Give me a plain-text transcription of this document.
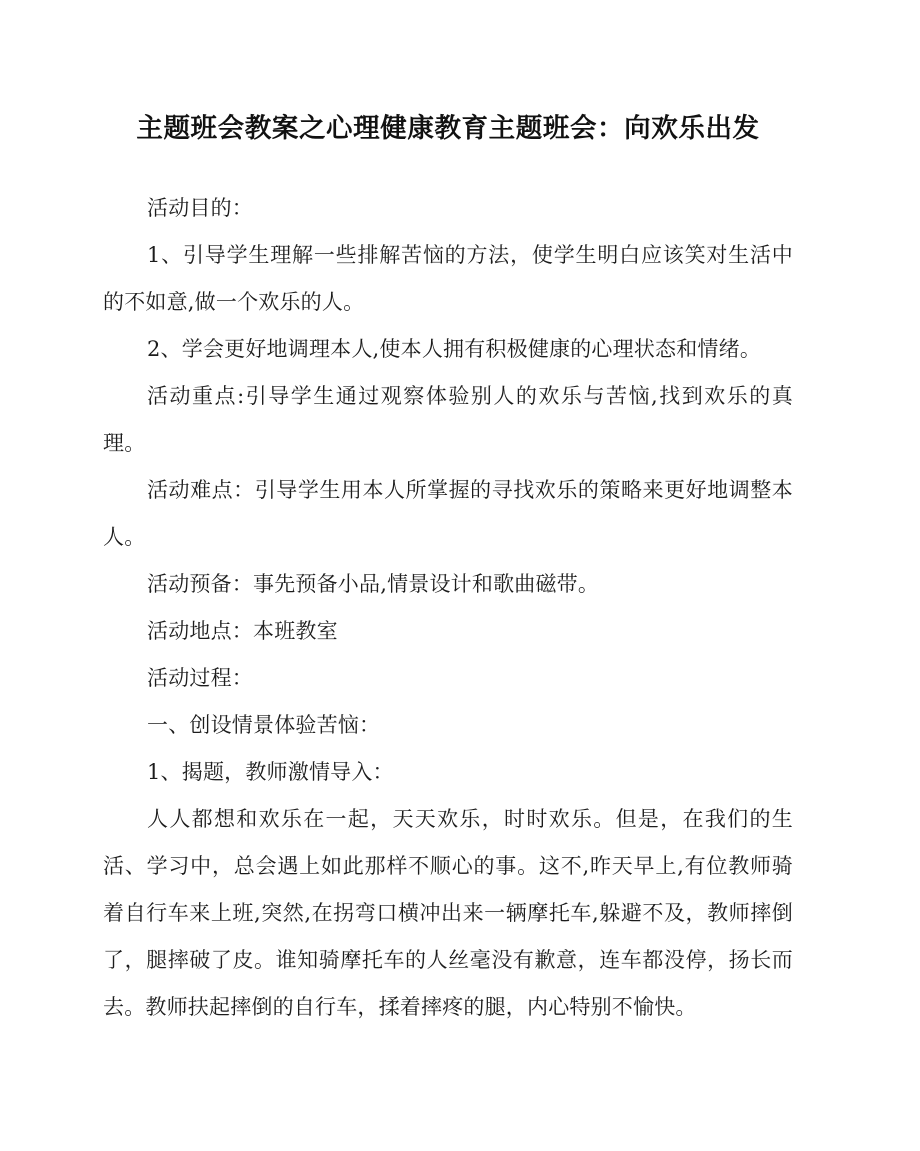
主题班会教案之心理健康教育主题班会：向欢乐出发

活动目的：

1、引导学生理解一些排解苦恼的方法，使学生明白应该笑对生活中的不如意,做一个欢乐的人。

2、学会更好地调理本人,使本人拥有积极健康的心理状态和情绪。

活动重点:引导学生通过观察体验别人的欢乐与苦恼,找到欢乐的真理。

活动难点：引导学生用本人所掌握的寻找欢乐的策略来更好地调整本人。

活动预备：事先预备小品,情景设计和歌曲磁带。

活动地点：本班教室

活动过程：

一、创设情景体验苦恼：

1、揭题，教师激情导入：

人人都想和欢乐在一起，天天欢乐，时时欢乐。但是，在我们的生活、学习中，总会遇上如此那样不顺心的事。这不,昨天早上,有位教师骑着自行车来上班,突然,在拐弯口横冲出来一辆摩托车,躲避不及，教师摔倒了，腿摔破了皮。谁知骑摩托车的人丝毫没有歉意，连车都没停，扬长而去。教师扶起摔倒的自行车，揉着摔疼的腿，内心特别不愉快。
